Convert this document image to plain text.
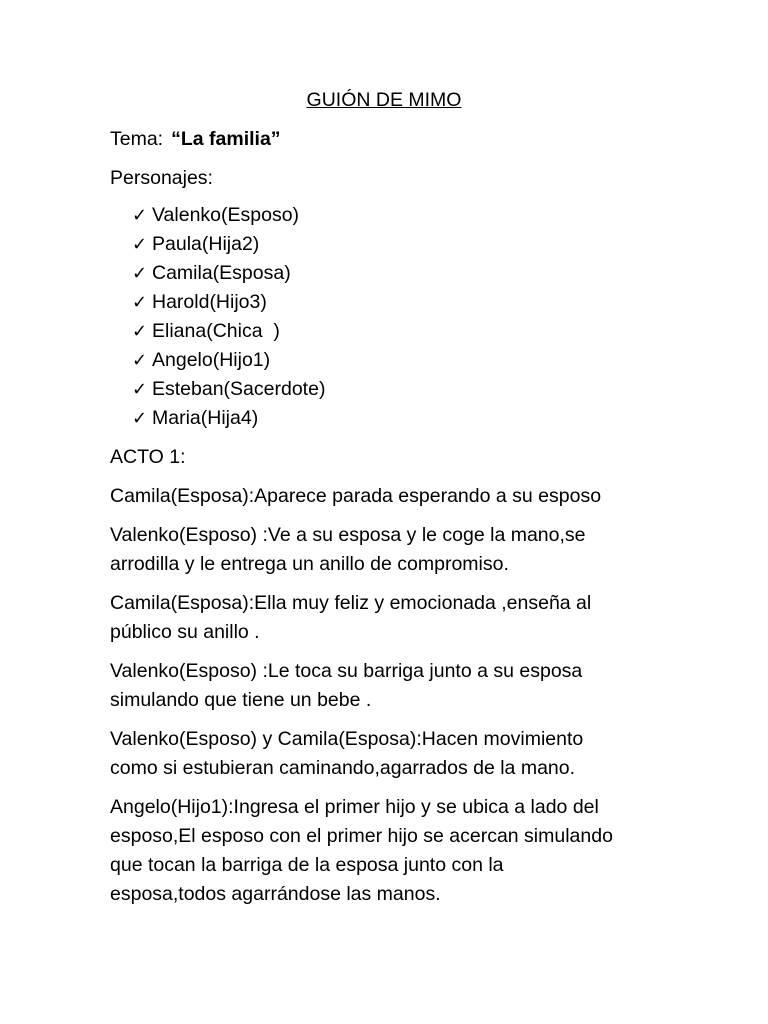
GUIÓN DE MIMO
Tema: “La familia”
Personajes:
✓ Valenko(Esposo)
✓ Paula(Hija2)
✓ Camila(Esposa)
✓ Harold(Hijo3)
✓ Eliana(Chica  )
✓ Angelo(Hijo1)
✓ Esteban(Sacerdote)
✓ Maria(Hija4)
ACTO 1:
Camila(Esposa):Aparece parada esperando a su esposo
Valenko(Esposo) :Ve a su esposa y le coge la mano,se
arrodilla y le entrega un anillo de compromiso.
Camila(Esposa):Ella muy feliz y emocionada ,enseña al
público su anillo .
Valenko(Esposo) :Le toca su barriga junto a su esposa
simulando que tiene un bebe .
Valenko(Esposo) y Camila(Esposa):Hacen movimiento
como si estubieran caminando,agarrados de la mano.
Angelo(Hijo1):Ingresa el primer hijo y se ubica a lado del
esposo,El esposo con el primer hijo se acercan simulando
que tocan la barriga de la esposa junto con la
esposa,todos agarrándose las manos.
